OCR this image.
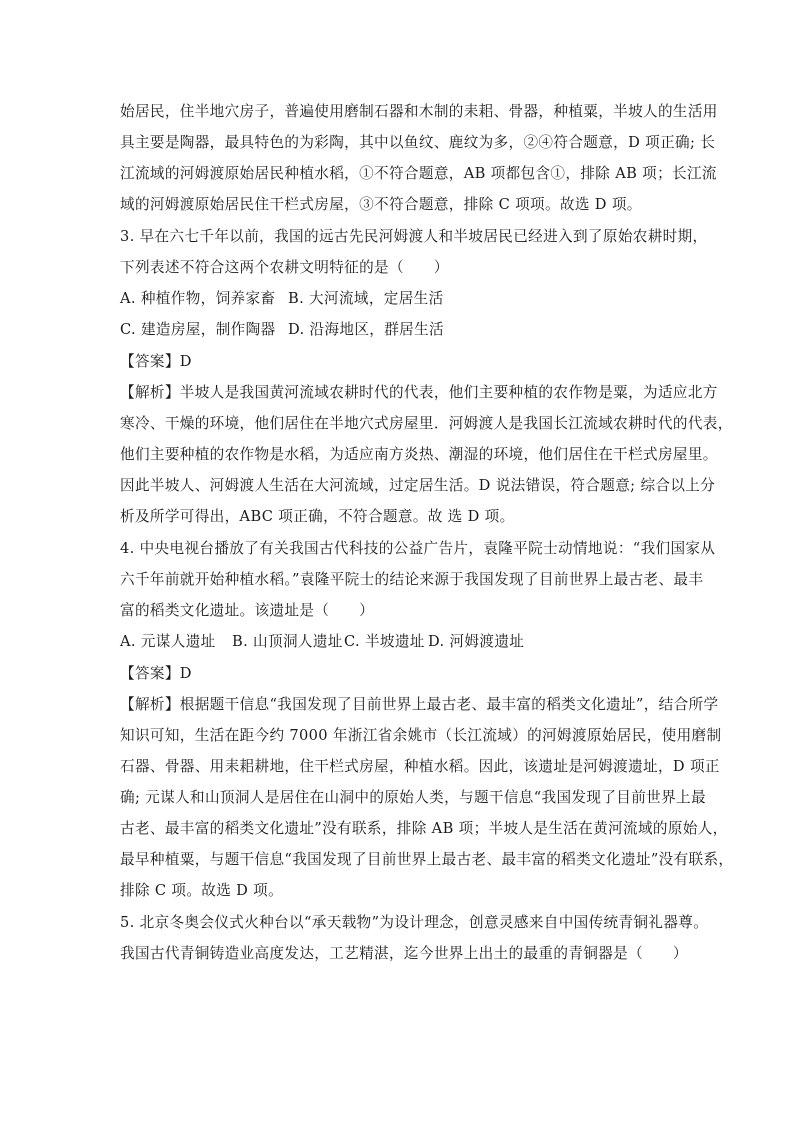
始居民，住半地穴房子，普遍使用磨制石器和木制的耒耜、骨器，种植粟，半坡人的生活用
具主要是陶器，最具特色的为彩陶，其中以鱼纹、鹿纹为多，②④符合题意，D 项正确; 长
江流域的河姆渡原始居民种植水稻，①不符合题意，AB 项都包含①，排除 AB 项；长江流
域的河姆渡原始居民住干栏式房屋，③不符合题意，排除 C 项项。故选 D 项。
3. 早在六七千年以前，我国的远古先民河姆渡人和半坡居民已经进入到了原始农耕时期，
下列表述不符合这两个农耕文明特征的是（　　）
A. 种植作物，饲养家畜 B. 大河流域，定居生活
C. 建造房屋，制作陶器 D. 沿海地区，群居生活
【答案】D
【解析】半坡人是我国黄河流域农耕时代的代表，他们主要种植的农作物是粟，为适应北方
寒冷、干燥的环境，他们居住在半地穴式房屋里．河姆渡人是我国长江流域农耕时代的代表，
他们主要种植的农作物是水稻，为适应南方炎热、潮湿的环境，他们居住在干栏式房屋里。
因此半坡人、河姆渡人生活在大河流域，过定居生活。D 说法错误，符合题意; 综合以上分
析及所学可得出，ABC 项正确，不符合题意。故 选 D 项。
4. 中央电视台播放了有关我国古代科技的公益广告片，袁隆平院士动情地说：“我们国家从
六千年前就开始种植水稻。”袁隆平院士的结论来源于我国发现了目前世界上最古老、最丰
富的稻类文化遗址。该遗址是（　　）
A. 元谋人遗址 B. 山顶洞人遗址C. 半坡遗址 D. 河姆渡遗址
【答案】D
【解析】根据题干信息“我国发现了目前世界上最古老、最丰富的稻类文化遗址”，结合所学
知识可知，生活在距今约 7000 年浙江省余姚市（长江流域）的河姆渡原始居民，使用磨制
石器、骨器、用耒耜耕地，住干栏式房屋，种植水稻。因此，该遗址是河姆渡遗址，D 项正
确; 元谋人和山顶洞人是居住在山洞中的原始人类，与题干信息“我国发现了目前世界上最
古老、最丰富的稻类文化遗址”没有联系，排除 AB 项；半坡人是生活在黄河流域的原始人，
最早种植粟，与题干信息“我国发现了目前世界上最古老、最丰富的稻类文化遗址”没有联系，
排除 C 项。故选 D 项。
5. 北京冬奥会仪式火种台以“承天载物”为设计理念，创意灵感来自中国传统青铜礼器尊。
我国古代青铜铸造业高度发达，工艺精湛，迄今世界上出土的最重的青铜器是（　　）
